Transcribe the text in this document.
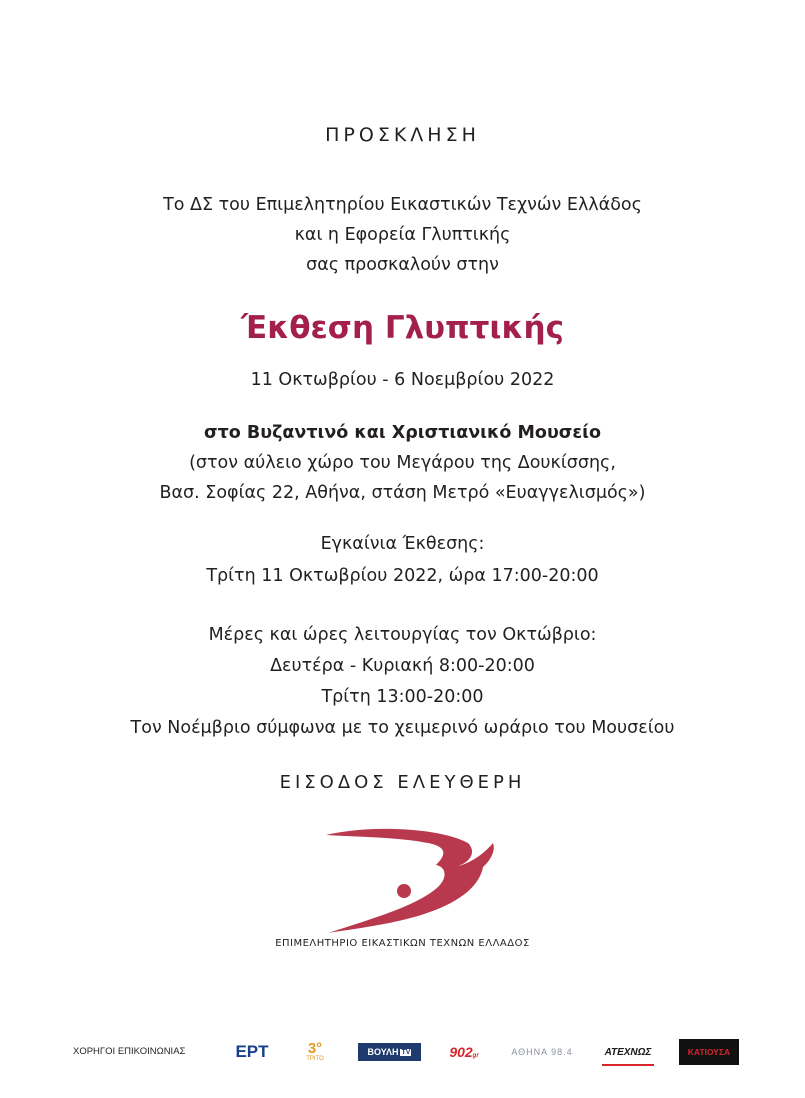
ΠΡΟΣΚΛΗΣΗ
Το ΔΣ του Επιμελητηρίου Εικαστικών Τεχνών Ελλάδος
και η Εφορεία Γλυπτικής
σας προσκαλούν στην
Έκθεση Γλυπτικής
11 Οκτωβρίου - 6 Νοεμβρίου 2022
στο Βυζαντινό και Χριστιανικό Μουσείο
(στον αύλειο χώρο του Μεγάρου της Δουκίσσης,
Βασ. Σοφίας 22, Αθήνα, στάση Μετρό «Ευαγγελισμός»)
Εγκαίνια Έκθεσης:
Τρίτη 11 Οκτωβρίου 2022, ώρα 17:00-20:00
Μέρες και ώρες λειτουργίας τον Οκτώβριο:
Δευτέρα - Κυριακή 8:00-20:00
Τρίτη 13:00-20:00
Τον Νοέμβριο σύμφωνα με το χειμερινό ωράριο του Μουσείου
ΕΙΣΟΔΟΣ ΕΛΕΥΘΕΡΗ
ΕΠΙΜΕΛΗΤΗΡΙΟ ΕΙΚΑΣΤΙΚΩΝ ΤΕΧΝΩΝ ΕΛΛΑΔΟΣ
ΧΟΡΗΓΟΙ ΕΠΙΚΟΙΝΩΝΙΑΣ	ΕΡΤ	3°
ΤΡΙΤΟ
ΒΟΥΛΗ TV	902 gr	ΑΘΗΝΑ 98.4	ΑΤΕΧΝΩΣ	ΚΑΤΙΟΥΣΑ
